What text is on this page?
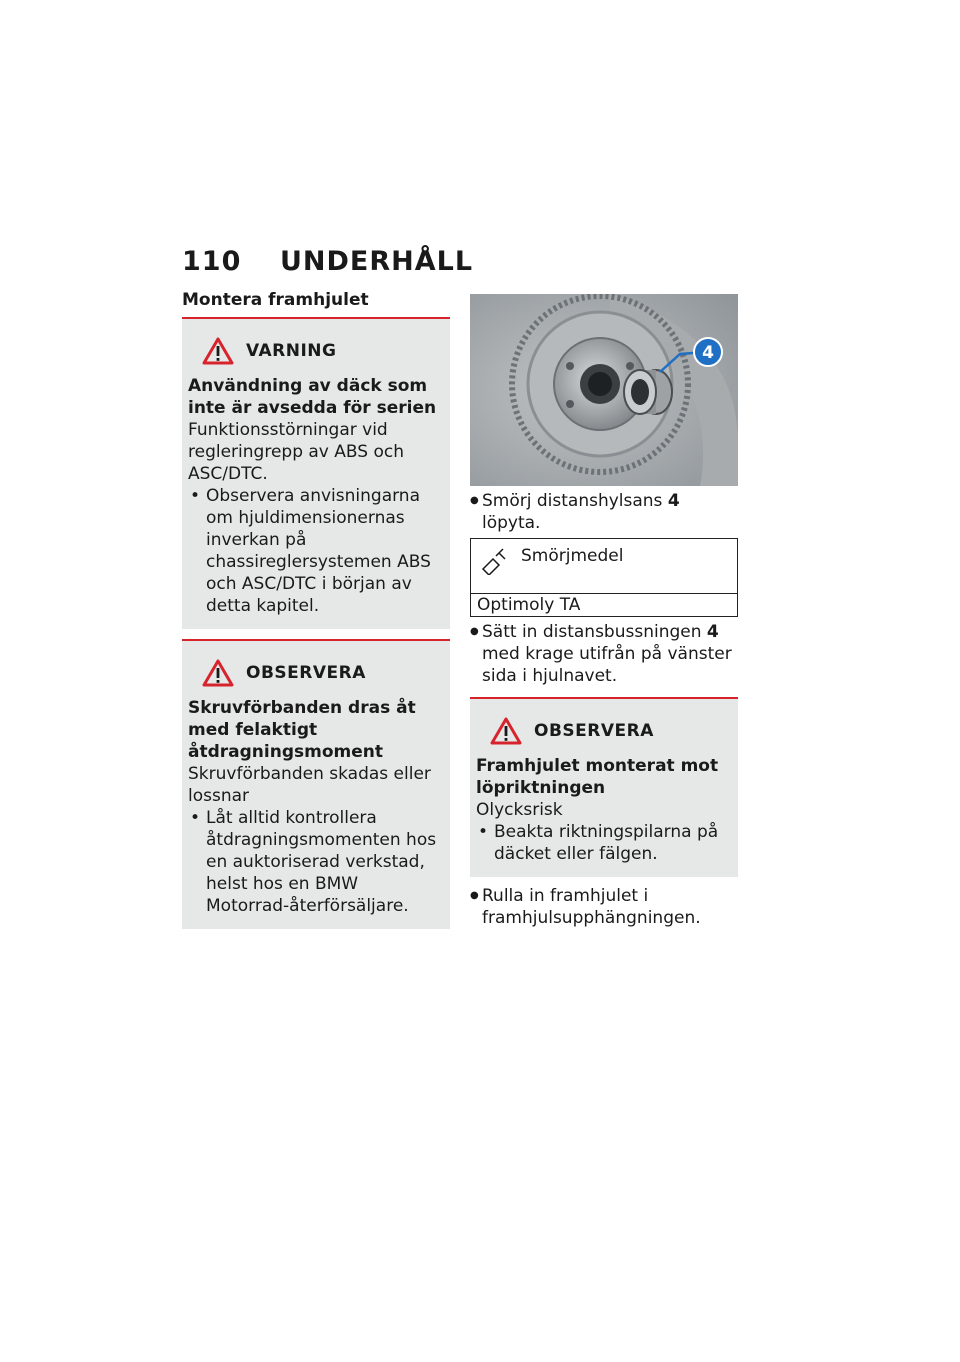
110 UNDERHÅLL
Montera framhjulet
VARNING
Användning av däck som inte är avsedda för serien
Funktionsstörningar vid regleringrepp av ABS och ASC/DTC.
• Observera anvisningarna om hjuldimensionernas inverkan på chassireglersystemen ABS och ASC/DTC i början av detta kapitel.
OBSERVERA
Skruvförbanden dras åt med felaktigt åtdragningsmoment
Skruvförbanden skadas eller lossnar
• Låt alltid kontrollera åtdragningsmomenten hos en auktoriserad verkstad, helst hos en BMW Motorrad-återförsäljare.
4
● Smörj distanshylsans 4 löpyta.
Smörjmedel
Optimoly TA
● Sätt in distansbussningen 4 med krage utifrån på vänster sida i hjulnavet.
OBSERVERA
Framhjulet monterat mot löpriktningen
Olycksrisk
• Beakta riktningspilarna på däcket eller fälgen.
● Rulla in framhjulet i framhjulsupphängningen.
